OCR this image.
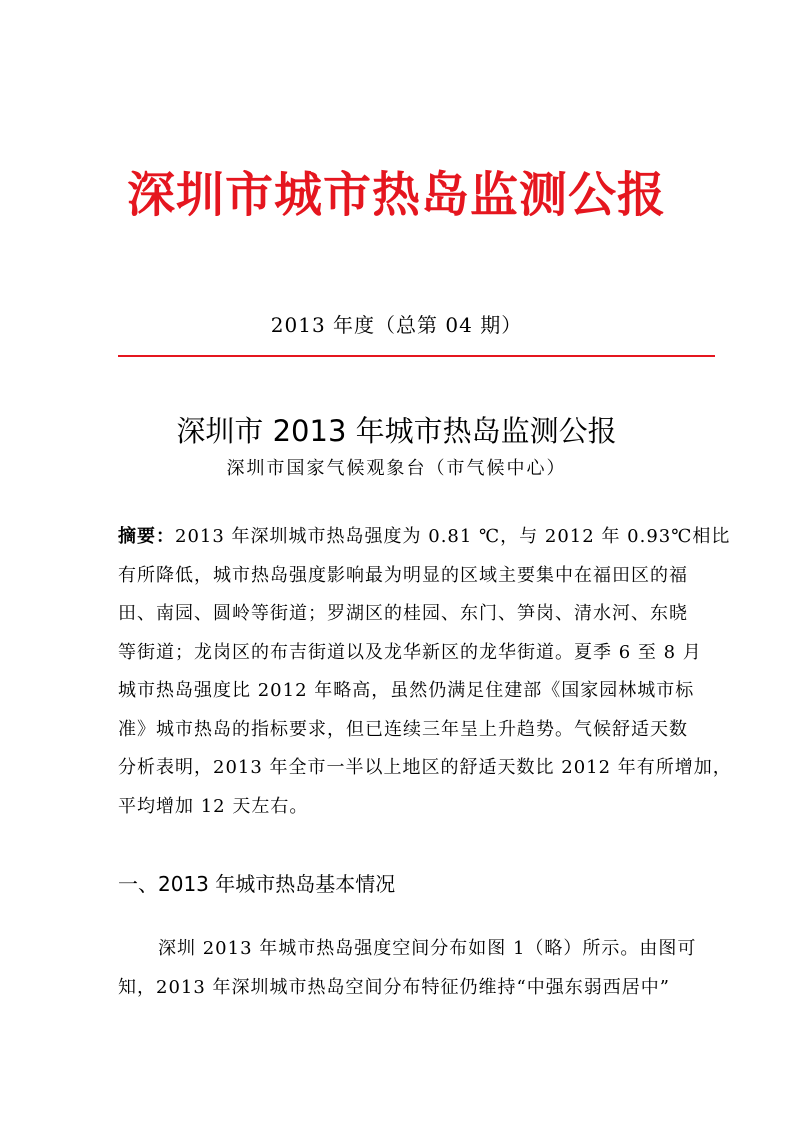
深圳市城市热岛监测公报
2013 年度（总第 04 期）
深圳市 2013 年城市热岛监测公报
深圳市国家气候观象台（市气候中心）
摘要：2013 年深圳城市热岛强度为 0.81 ℃，与 2012 年 0.93℃相比
有所降低，城市热岛强度影响最为明显的区域主要集中在福田区的福
田、南园、圆岭等街道；罗湖区的桂园、东门、笋岗、清水河、东晓
等街道；龙岗区的布吉街道以及龙华新区的龙华街道。夏季 6 至 8 月
城市热岛强度比 2012 年略高，虽然仍满足住建部《国家园林城市标
准》城市热岛的指标要求，但已连续三年呈上升趋势。气候舒适天数
分析表明，2013 年全市一半以上地区的舒适天数比 2012 年有所增加，
平均增加 12 天左右。
一、2013 年城市热岛基本情况
深圳 2013 年城市热岛强度空间分布如图 1（略）所示。由图可
知，2013 年深圳城市热岛空间分布特征仍维持“中强东弱西居中”
